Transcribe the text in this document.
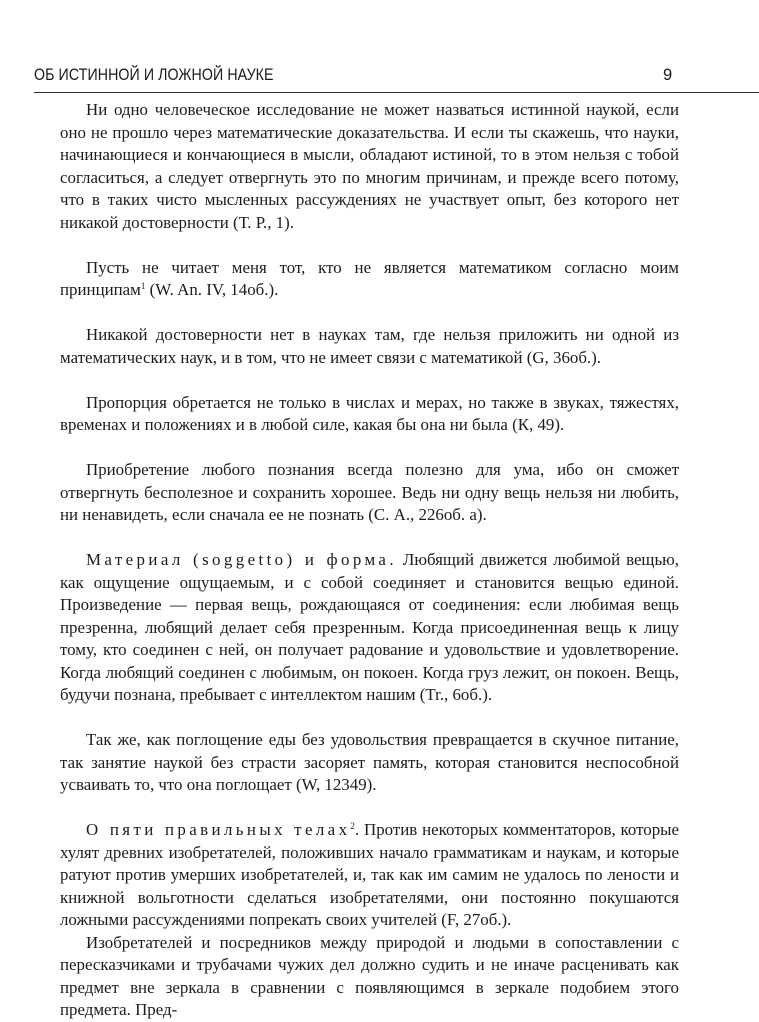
ОБ ИСТИННОЙ И ЛОЖНОЙ НАУКЕ	9

Ни одно человеческое исследование не может назваться истинной наукой, если оно не прошло через математические доказательства. И если ты скажешь, что науки, начинающиеся и кончающиеся в мысли, обладают истиной, то в этом нельзя с тобой согласиться, а следует отвергнуть это по многим причинам, и прежде всего потому, что в таких чисто мысленных рассуждениях не участвует опыт, без которого нет никакой достоверности (Т. Р., 1).

Пусть не читает меня тот, кто не является математиком согласно моим принципам$^1$ (W. An. IV, 14об.).

Никакой достоверности нет в науках там, где нельзя приложить ни одной из математических наук, и в том, что не имеет связи с математикой (G, 36об.).

Пропорция обретается не только в числах и мерах, но также в звуках, тяжестях, временах и положениях и в любой силе, какая бы она ни была (К, 49).

Приобретение любого познания всегда полезно для ума, ибо он сможет отвергнуть бесполезное и сохранить хорошее. Ведь ни одну вещь нельзя ни любить, ни ненавидеть, если сначала ее не познать (С. А., 226об. а).

Материал (soggetto) и форма. Любящий движется любимой вещью, как ощущение ощущаемым, и с собой соединяет и становится вещью единой. Произведение — первая вещь, рождающаяся от соединения: если любимая вещь презренна, любящий делает себя презренным. Когда присоединенная вещь к лицу тому, кто соединен с ней, он получает радование и удовольствие и удовлетворение. Когда любящий соединен с любимым, он покоен. Когда груз лежит, он покоен. Вещь, будучи познана, пребывает с интеллектом нашим (Tr., 6об.).

Так же, как поглощение еды без удовольствия превращается в скучное питание, так занятие наукой без страсти засоряет память, которая становится неспособной усваивать то, что она поглощает (W, 12349).

О пяти правильных телах$^2$. Против некоторых комментаторов, которые хулят древних изобретателей, положивших начало грамматикам и наукам, и которые ратуют против умерших изобретателей, и, так как им самим не удалось по лености и книжной вольготности сделаться изобретателями, они постоянно покушаются ложными рассуждениями попрекать своих учителей (F, 27об.).

Изобретателей и посредников между природой и людьми в сопоставлении с пересказчиками и трубачами чужих дел должно судить и не иначе расценивать как предмет вне зеркала в сравнении с появляющимся в зеркале подобием этого предмета. Пред-
